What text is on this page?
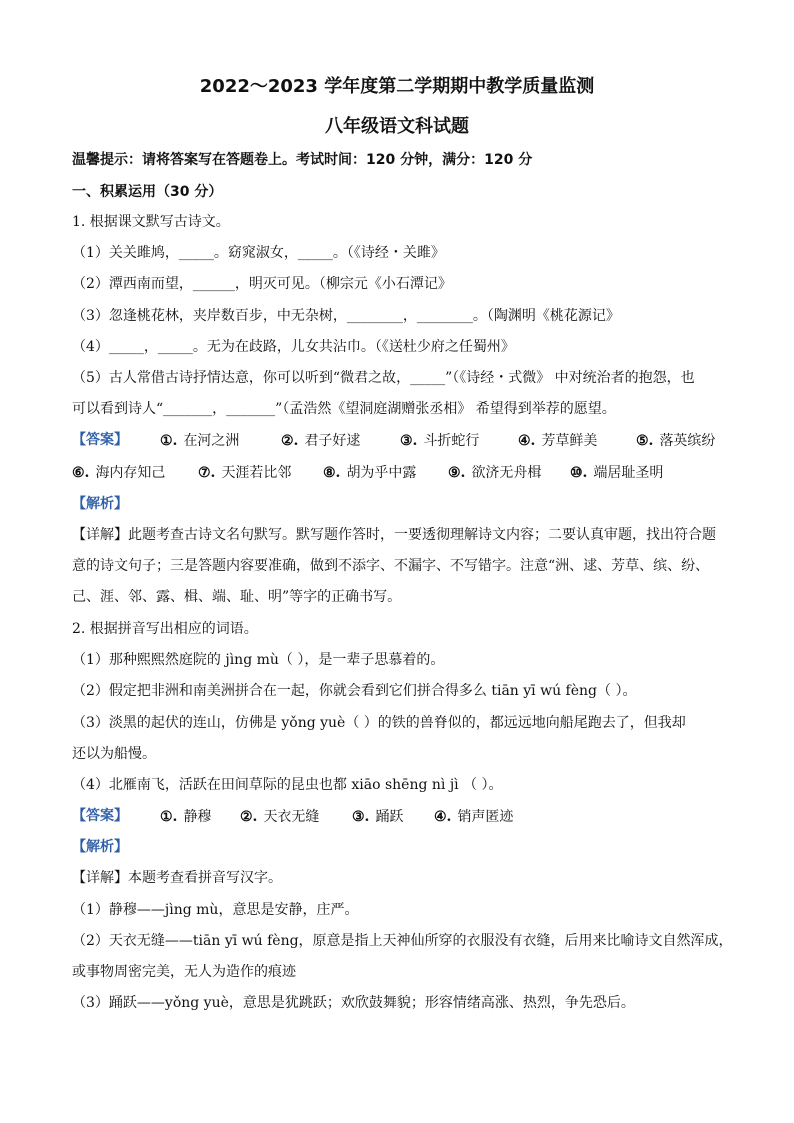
2022～2023 学年度第二学期期中教学质量监测
八年级语文科试题
温馨提示：请将答案写在答题卷上。考试时间：120 分钟，满分：120 分
一、积累运用（30 分）
1. 根据课文默写古诗文。
（1）关关雎鸠，_____。窈窕淑女，_____。（《诗经・关雎》
（2）潭西南而望，______，明灭可见。（柳宗元《小石潭记》
（3）忽逢桃花林，夹岸数百步，中无杂树，________，________。（陶渊明《桃花源记》
（4）_____，_____。无为在歧路，儿女共沾巾。（《送杜少府之任蜀州》
（5）古人常借古诗抒情达意，你可以听到“微君之故，_____”（《诗经・式微》 中对统治者的抱怨，也
可以看到诗人“_______，_______”（孟浩然《望洞庭湖赠张丞相》 希望得到举荐的愿望。
【答案】 ①. 在河之洲	②. 君子好逑	③. 斗折蛇行	④. 芳草鲜美	⑤. 落英缤纷
⑥. 海内存知己 ⑦. 天涯若比邻 ⑧. 胡为乎中露 ⑨. 欲济无舟楫 ⑩. 端居耻圣明
【解析】
【详解】此题考查古诗文名句默写。默写题作答时，一要透彻理解诗文内容；二要认真审题，找出符合题
意的诗文句子；三是答题内容要准确，做到不添字、不漏字、不写错字。注意“洲、逑、芳草、缤、纷、
己、涯、邻、露、楫、端、耻、明”等字的正确书写。
2. 根据拼音写出相应的词语。
（1）那种熙熙然庭院的 jìng mù（ ），是一辈子思慕着的。
（2）假定把非洲和南美洲拼合在一起，你就会看到它们拼合得多么 tiān yī wú fèng（ ）。
（3）淡黑的起伏的连山，仿佛是 yǒng yuè（ ）的铁的兽脊似的，都远远地向船尾跑去了，但我却
还以为船慢。
（4）北雁南飞，活跃在田间草际的昆虫也都 xiāo shēng nì jì （ ）。
【答案】 ①. 静穆 ②. 天衣无缝 ③. 踊跃 ④. 销声匿迹
【解析】
【详解】本题考查看拼音写汉字。
（1）静穆——jìng mù，意思是安静，庄严。
（2）天衣无缝——tiān yī wú fèng，原意是指上天神仙所穿的衣服没有衣缝，后用来比喻诗文自然浑成，
或事物周密完美，无人为造作的痕迹
（3）踊跃——yǒng yuè，意思是犹跳跃；欢欣鼓舞貌；形容情绪高涨、热烈，争先恐后。
